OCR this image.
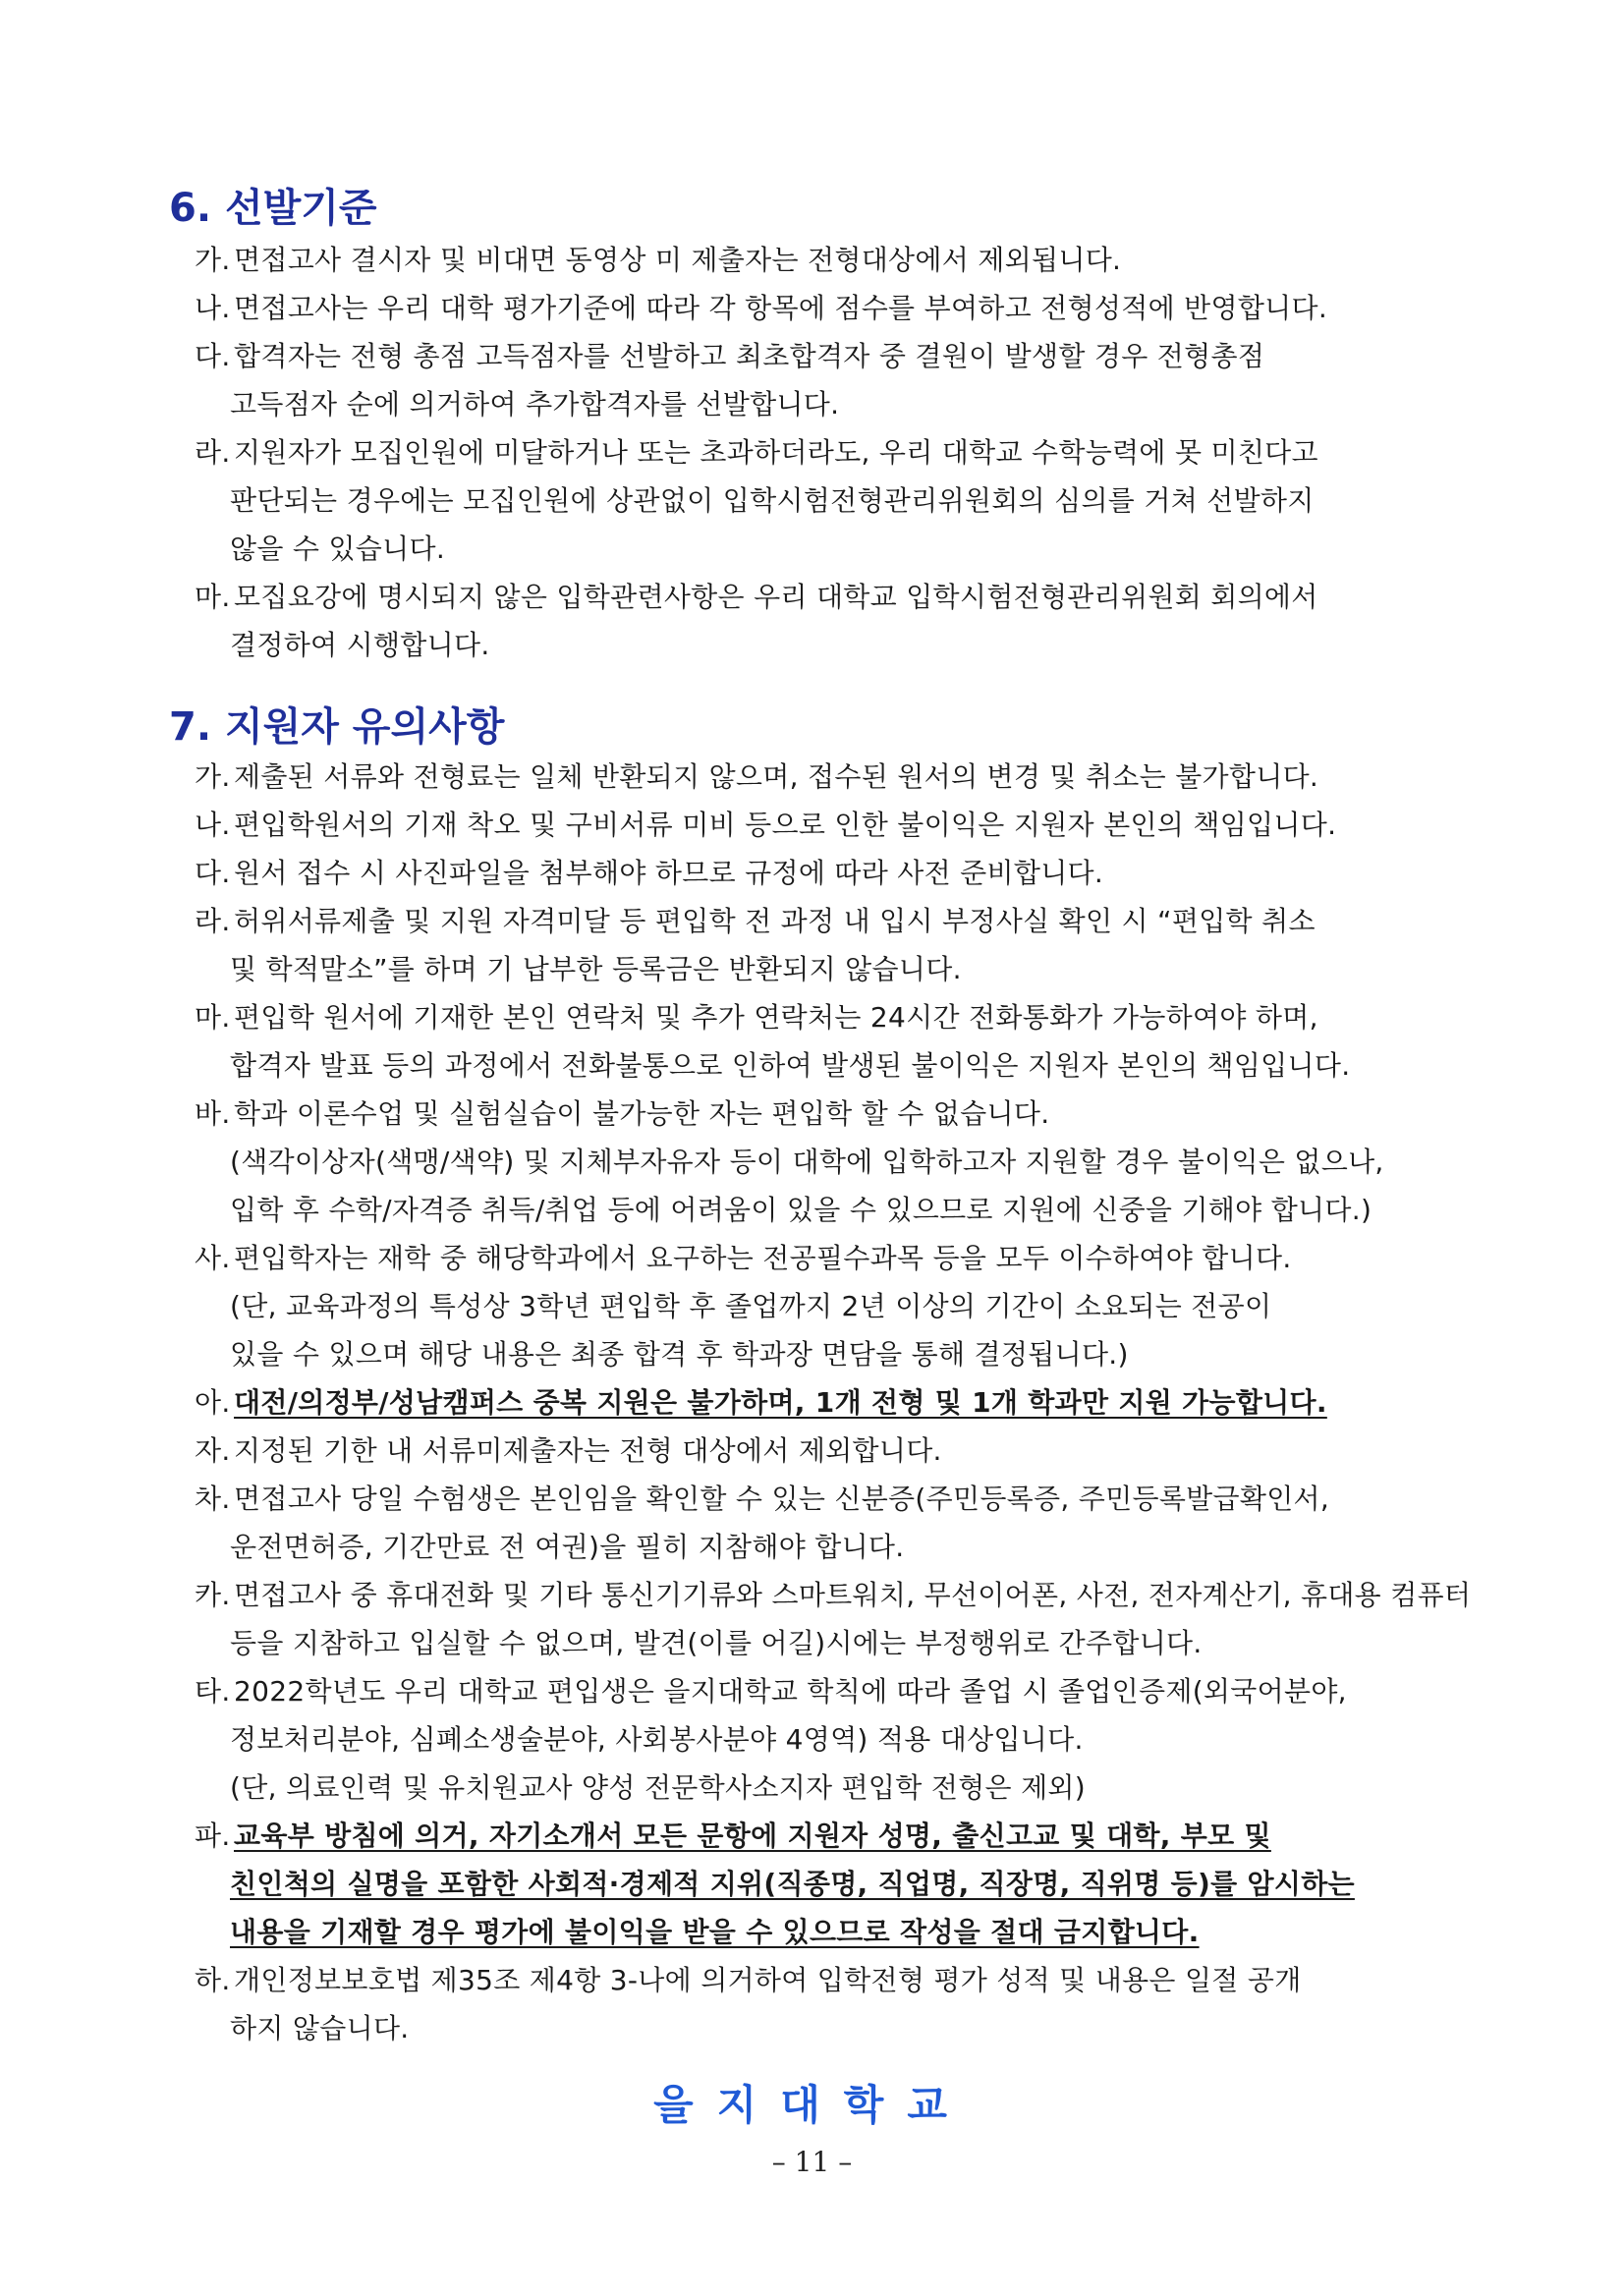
6. 선발기준
가. 면접고사 결시자 및 비대면 동영상 미 제출자는 전형대상에서 제외됩니다.
나. 면접고사는 우리 대학 평가기준에 따라 각 항목에 점수를 부여하고 전형성적에 반영합니다.
다. 합격자는 전형 총점 고득점자를 선발하고 최초합격자 중 결원이 발생할 경우 전형총점
고득점자 순에 의거하여 추가합격자를 선발합니다.
라. 지원자가 모집인원에 미달하거나 또는 초과하더라도, 우리 대학교 수학능력에 못 미친다고
판단되는 경우에는 모집인원에 상관없이 입학시험전형관리위원회의 심의를 거쳐 선발하지
않을 수 있습니다.
마. 모집요강에 명시되지 않은 입학관련사항은 우리 대학교 입학시험전형관리위원회 회의에서
결정하여 시행합니다.
7. 지원자 유의사항
가. 제출된 서류와 전형료는 일체 반환되지 않으며, 접수된 원서의 변경 및 취소는 불가합니다.
나. 편입학원서의 기재 착오 및 구비서류 미비 등으로 인한 불이익은 지원자 본인의 책임입니다.
다. 원서 접수 시 사진파일을 첨부해야 하므로 규정에 따라 사전 준비합니다.
라. 허위서류제출 및 지원 자격미달 등 편입학 전 과정 내 입시 부정사실 확인 시 “편입학 취소
및 학적말소”를 하며 기 납부한 등록금은 반환되지 않습니다.
마. 편입학 원서에 기재한 본인 연락처 및 추가 연락처는 24시간 전화통화가 가능하여야 하며,
합격자 발표 등의 과정에서 전화불통으로 인하여 발생된 불이익은 지원자 본인의 책임입니다.
바. 학과 이론수업 및 실험실습이 불가능한 자는 편입학 할 수 없습니다.
(색각이상자(색맹/색약) 및 지체부자유자 등이 대학에 입학하고자 지원할 경우 불이익은 없으나,
입학 후 수학/자격증 취득/취업 등에 어려움이 있을 수 있으므로 지원에 신중을 기해야 합니다.)
사. 편입학자는 재학 중 해당학과에서 요구하는 전공필수과목 등을 모두 이수하여야 합니다.
(단, 교육과정의 특성상 3학년 편입학 후 졸업까지 2년 이상의 기간이 소요되는 전공이
있을 수 있으며 해당 내용은 최종 합격 후 학과장 면담을 통해 결정됩니다.)
아. 대전/의정부/성남캠퍼스 중복 지원은 불가하며, 1개 전형 및 1개 학과만 지원 가능합니다.
자. 지정된 기한 내 서류미제출자는 전형 대상에서 제외합니다.
차. 면접고사 당일 수험생은 본인임을 확인할 수 있는 신분증(주민등록증, 주민등록발급확인서,
운전면허증, 기간만료 전 여권)을 필히 지참해야 합니다.
카. 면접고사 중 휴대전화 및 기타 통신기기류와 스마트워치, 무선이어폰, 사전, 전자계산기, 휴대용 컴퓨터
등을 지참하고 입실할 수 없으며, 발견(이를 어길)시에는 부정행위로 간주합니다.
타. 2022학년도 우리 대학교 편입생은 을지대학교 학칙에 따라 졸업 시 졸업인증제(외국어분야,
정보처리분야, 심폐소생술분야, 사회봉사분야 4영역) 적용 대상입니다.
(단, 의료인력 및 유치원교사 양성 전문학사소지자 편입학 전형은 제외)
파. 교육부 방침에 의거, 자기소개서 모든 문항에 지원자 성명, 출신고교 및 대학, 부모 및
친인척의 실명을 포함한 사회적·경제적 지위(직종명, 직업명, 직장명, 직위명 등)를 암시하는
내용을 기재할 경우 평가에 불이익을 받을 수 있으므로 작성을 절대 금지합니다.
하. 개인정보보호법 제35조 제4항 3-나에 의거하여 입학전형 평가 성적 및 내용은 일절 공개
하지 않습니다.
을지대학교
– 11 –
